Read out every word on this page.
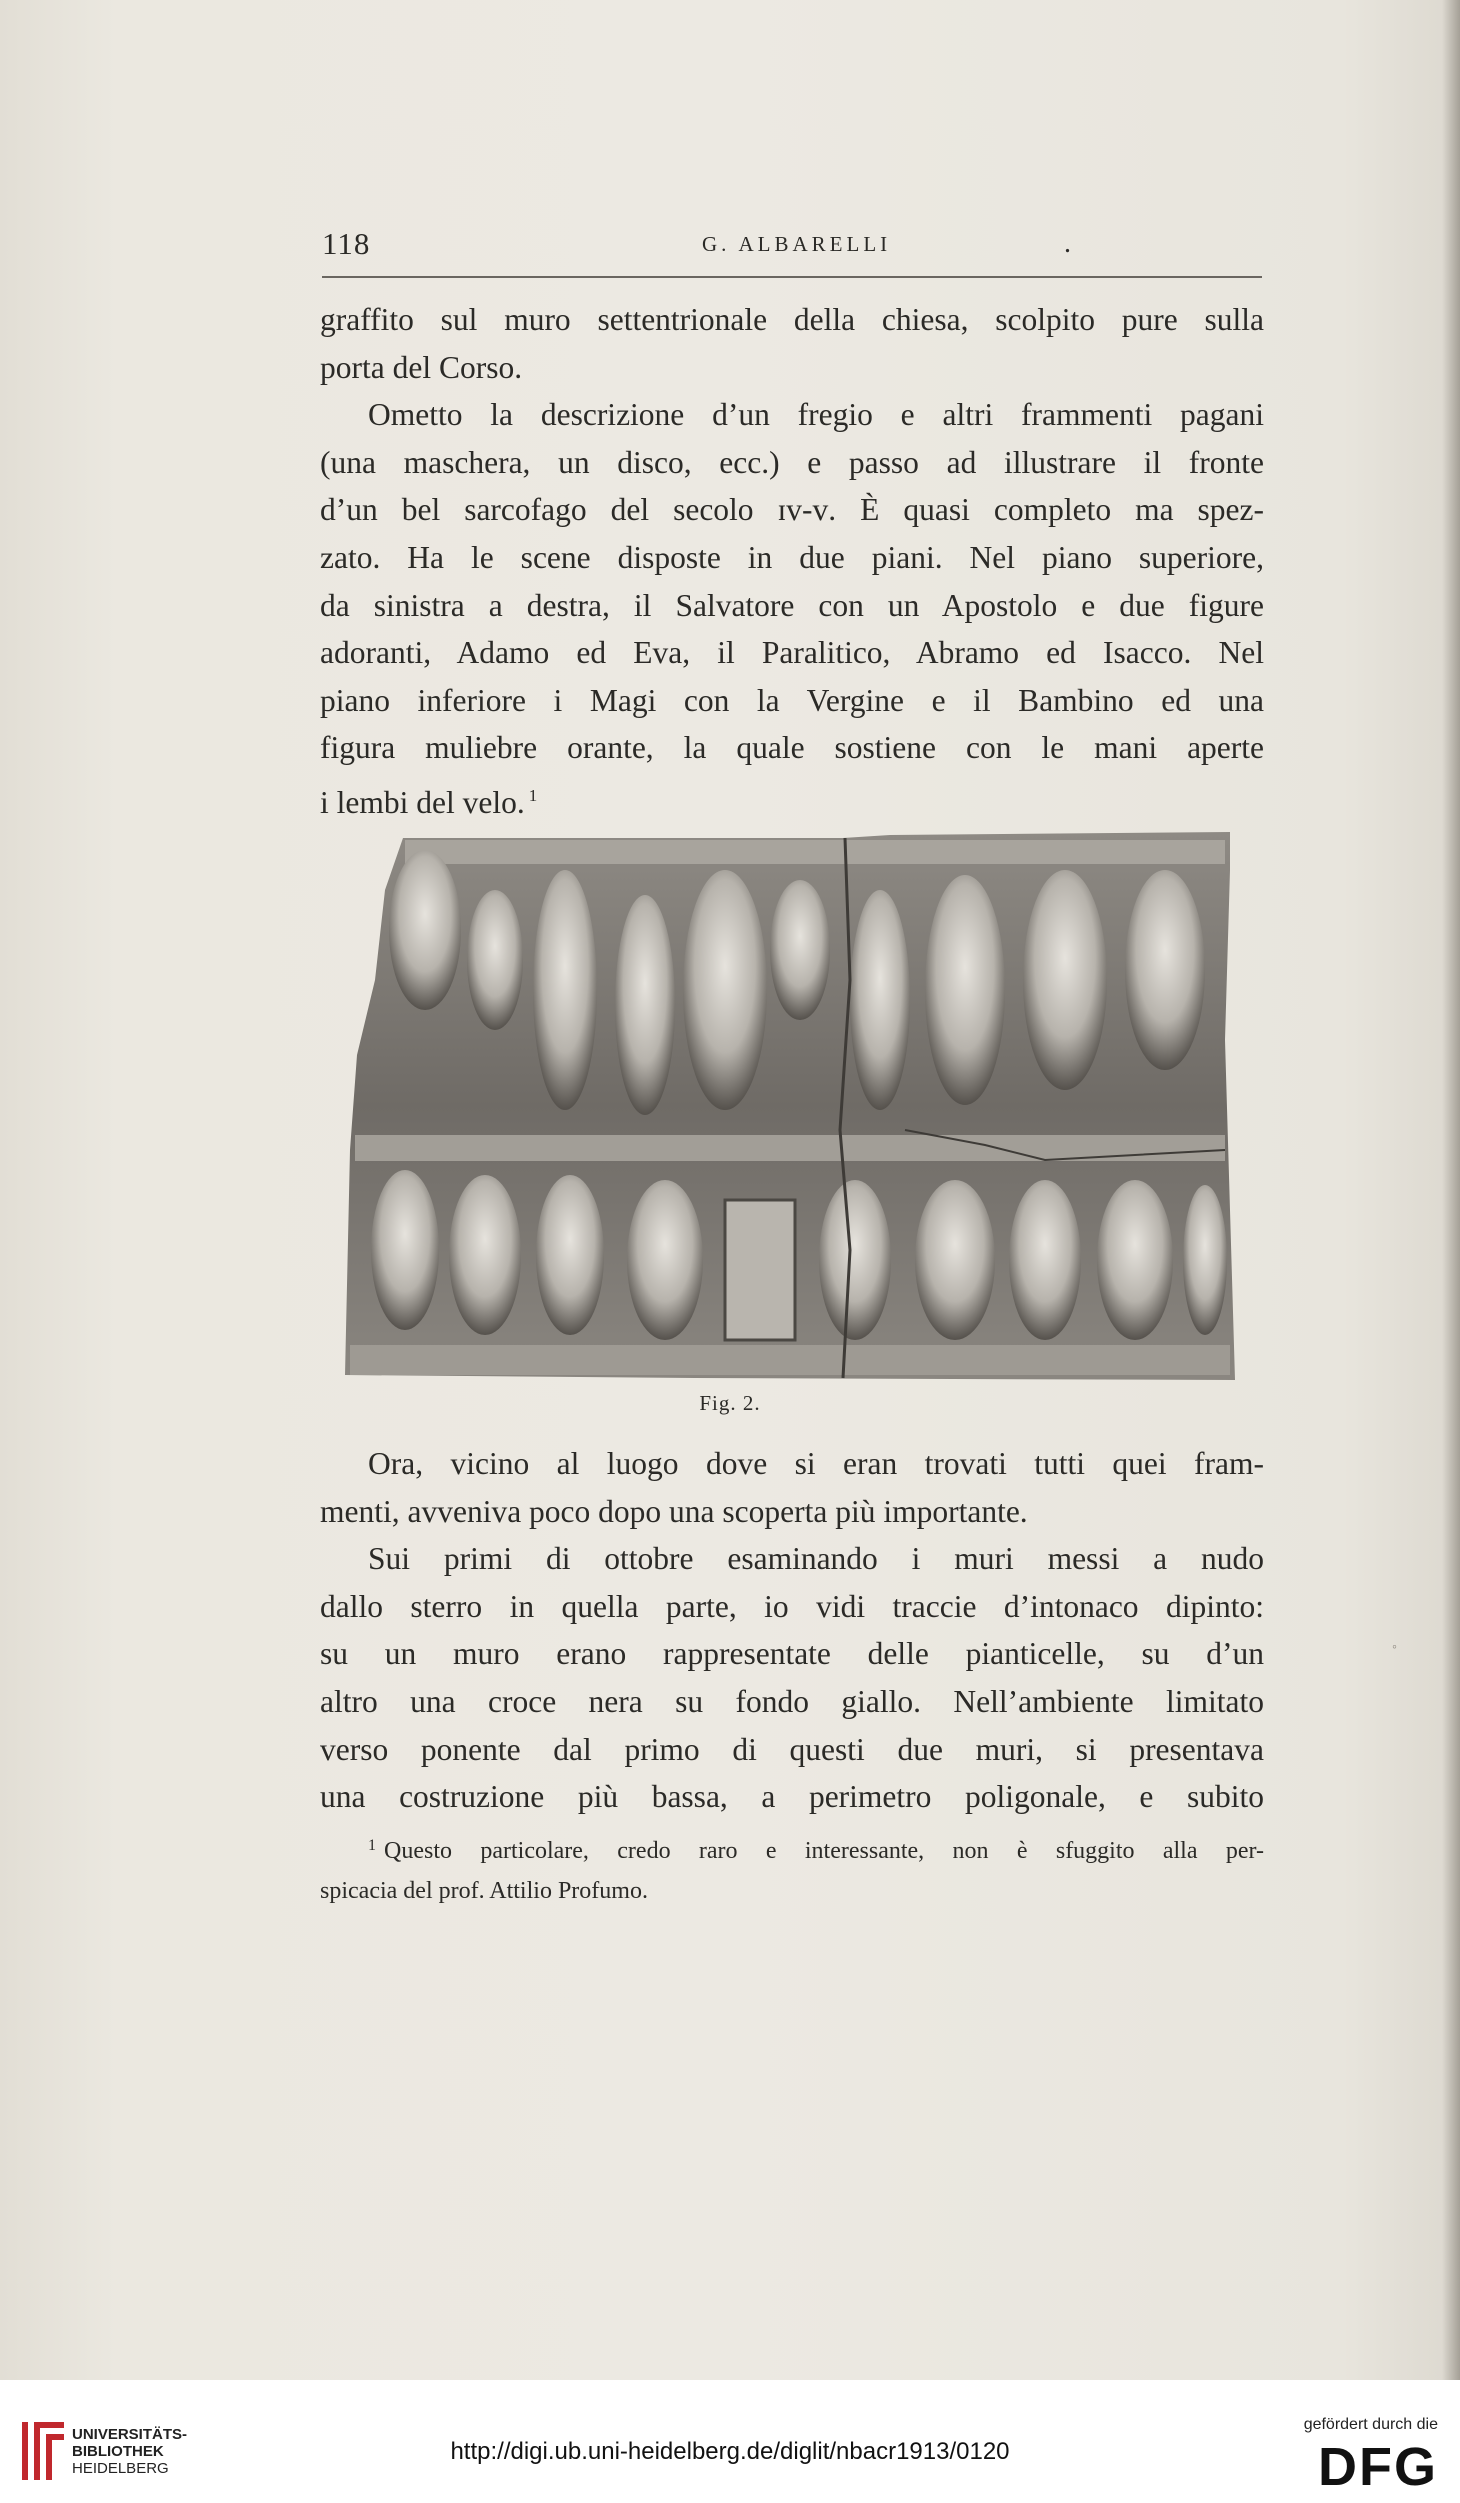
118	G. ALBARELLI	.
graffito sul muro settentrionale della chiesa, scolpito pure sulla
porta del Corso.
Ometto la descrizione d’un fregio e altri frammenti pagani
(una maschera, un disco, ecc.) e passo ad illustrare il fronte
d’un bel sarcofago del secolo ɪᴠ-ᴠ. È quasi completo ma spez-
zato. Ha le scene disposte in due piani. Nel piano superiore,
da sinistra a destra, il Salvatore con un Apostolo e due figure
adoranti, Adamo ed Eva, il Paralitico, Abramo ed Isacco. Nel
piano inferiore i Magi con la Vergine e il Bambino ed una
figura muliebre orante, la quale sostiene con le mani aperte
i lembi del velo. $^1$
Fig. 2.
Ora, vicino al luogo dove si eran trovati tutti quei fram-
menti, avveniva poco dopo una scoperta più importante.
Sui primi di ottobre esaminando i muri messi a nudo
dallo sterro in quella parte, io vidi traccie d’intonaco dipinto:
su un muro erano rappresentate delle pianticelle, su d’un
altro una croce nera su fondo giallo. Nell’ambiente limitato
verso ponente dal primo di questi due muri, si presentava
una costruzione più bassa, a perimetro poligonale, e subito
$^1$ Questo particolare, credo raro e interessante, non è sfuggito alla per-
spicacia del prof. Attilio Profumo.
◦
UNIVERSITÄTS-
BIBLIOTHEK
HEIDELBERG
http://digi.ub.uni-heidelberg.de/diglit/nbacr1913/0120
gefördert durch die
DFG
